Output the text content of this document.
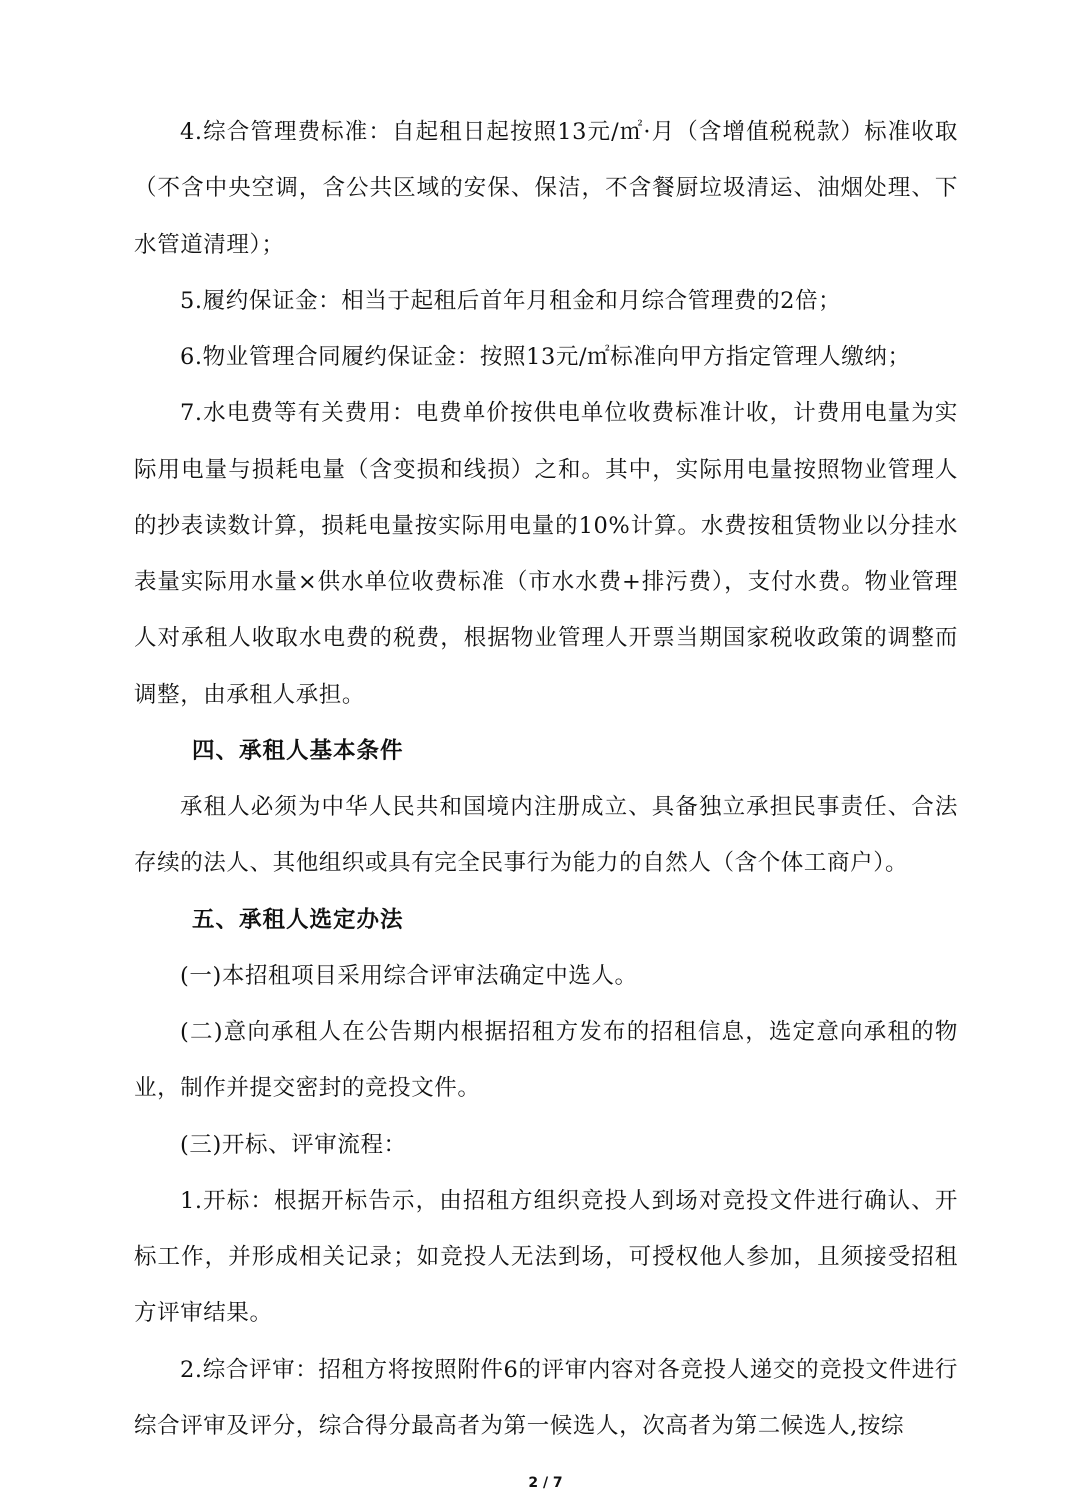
4.综合管理费标准：自起租日起按照13元/㎡·月（含增值税税款）标准收取（不含中央空调，含公共区域的安保、保洁，不含餐厨垃圾清运、油烟处理、下水管道清理）；

5.履约保证金：相当于起租后首年月租金和月综合管理费的2倍；

6.物业管理合同履约保证金：按照13元/㎡标准向甲方指定管理人缴纳；

7.水电费等有关费用：电费单价按供电单位收费标准计收，计费用电量为实际用电量与损耗电量（含变损和线损）之和。其中，实际用电量按照物业管理人的抄表读数计算，损耗电量按实际用电量的10%计算。水费按租赁物业以分挂水表量实际用水量×供水单位收费标准（市水水费+排污费），支付水费。物业管理人对承租人收取水电费的税费，根据物业管理人开票当期国家税收政策的调整而调整，由承租人承担。

四、承租人基本条件

承租人必须为中华人民共和国境内注册成立、具备独立承担民事责任、合法存续的法人、其他组织或具有完全民事行为能力的自然人（含个体工商户）。

五、承租人选定办法

(一)本招租项目采用综合评审法确定中选人。

(二)意向承租人在公告期内根据招租方发布的招租信息，选定意向承租的物业，制作并提交密封的竞投文件。

(三)开标、评审流程：

1.开标：根据开标告示，由招租方组织竞投人到场对竞投文件进行确认、开标工作，并形成相关记录；如竞投人无法到场，可授权他人参加，且须接受招租方评审结果。

2.综合评审：招租方将按照附件6的评审内容对各竞投人递交的竞投文件进行综合评审及评分，综合得分最高者为第一候选人，次高者为第二候选人,按综

2 / 7
